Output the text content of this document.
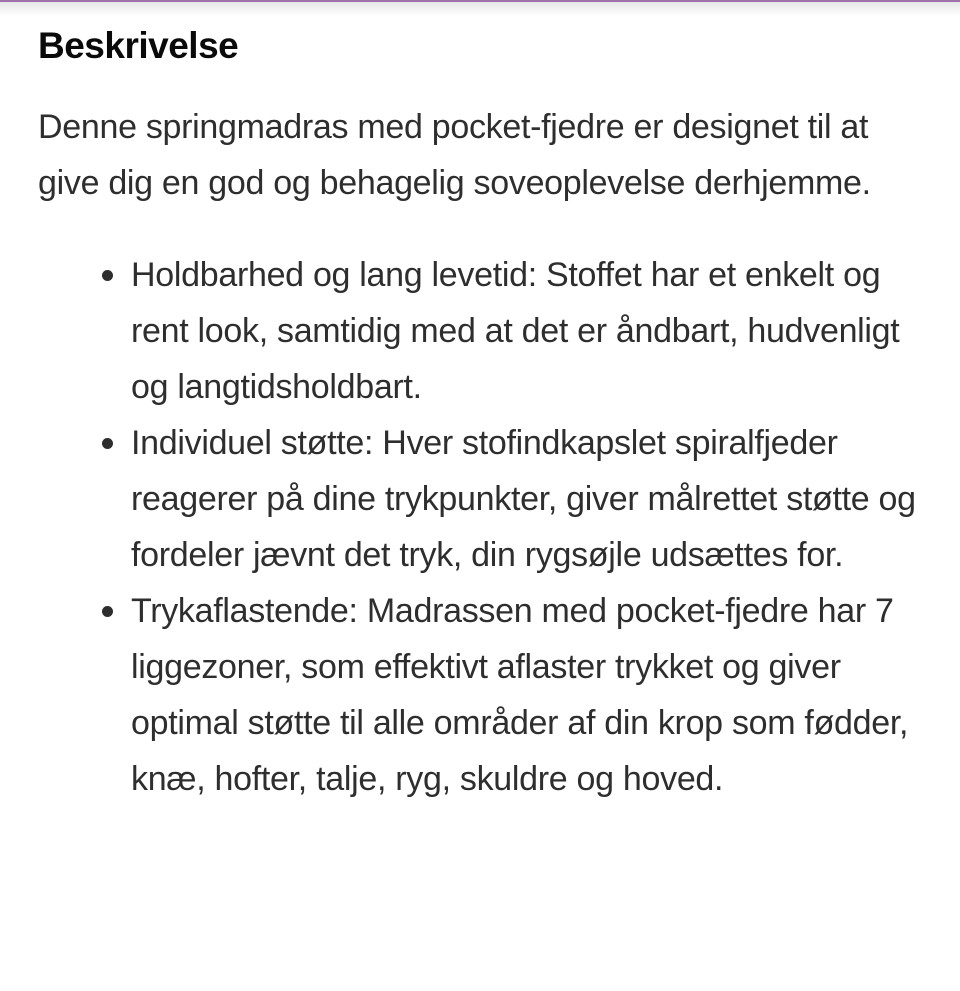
Beskrivelse

Denne springmadras med pocket-fjedre er designet til at give dig en god og behagelig soveoplevelse derhjemme.

Holdbarhed og lang levetid: Stoffet har et enkelt og rent look, samtidig med at det er åndbart, hudvenligt og langtidsholdbart.
Individuel støtte: Hver stofindkapslet spiralfjeder reagerer på dine trykpunkter, giver målrettet støtte og fordeler jævnt det tryk, din rygsøjle udsættes for.
Trykaflastende: Madrassen med pocket-fjedre har 7 liggezoner, som effektivt aflaster trykket og giver optimal støtte til alle områder af din krop som fødder, knæ, hofter, talje, ryg, skuldre og hoved.
